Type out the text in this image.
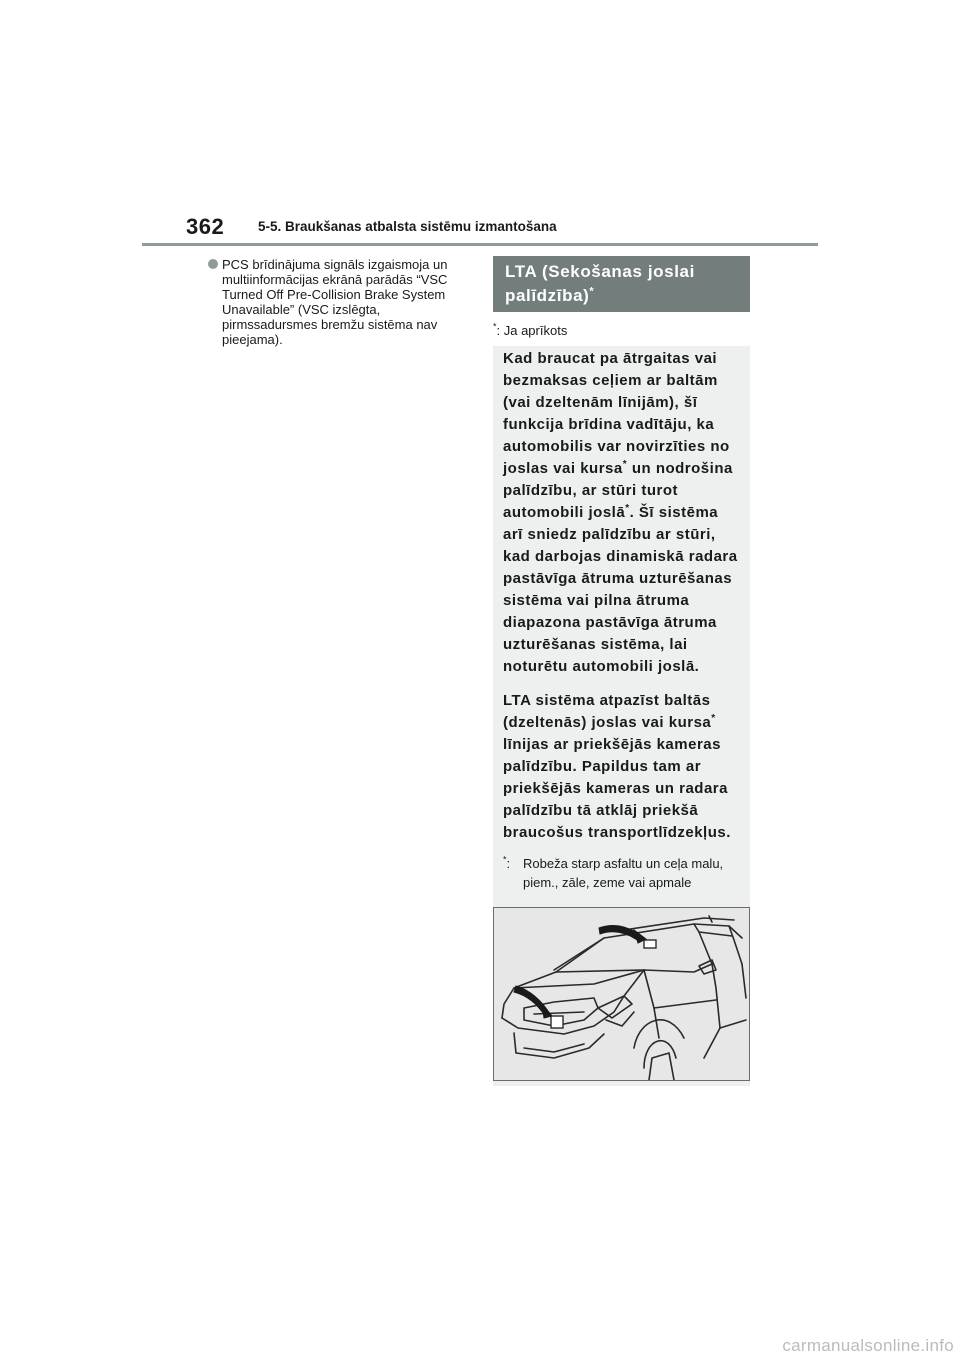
362	5-5. Braukšanas atbalsta sistēmu izmantošana
PCS brīdinājuma signāls izgaismoja un multiinformācijas ekrānā parādās “VSC Turned Off Pre-Collision Brake System Unavailable” (VSC izslēgta, pirmssadursmes bremžu sistēma nav pieejama).
LTA (Sekošanas joslai
palīdzība)*
*: Ja aprīkots

Kad braucat pa ātrgaitas vai bezmaksas ceļiem ar baltām (vai dzeltenām līnijām), šī funkcija brīdina vadītāju, ka automobilis var novirzīties no joslas vai kursa* un nodrošina palīdzību, ar stūri turot automobili joslā*. Šī sistēma arī sniedz palīdzību ar stūri, kad darbojas dinamiskā radara pastāvīga ātruma uzturēšanas sistēma vai pilna ātruma diapazona pastāvīga ātruma uzturēšanas sistēma, lai noturētu automobili joslā.

LTA sistēma atpazīst baltās (dzeltenās) joslas vai kursa* līnijas ar priekšējās kameras palīdzību. Papildus tam ar priekšējās kameras un radara palīdzību tā atklāj priekšā braucošus transportlīdzekļus.

*: Robeža starp asfaltu un ceļa malu, piem., zāle, zeme vai apmale
carmanualsonline.info
